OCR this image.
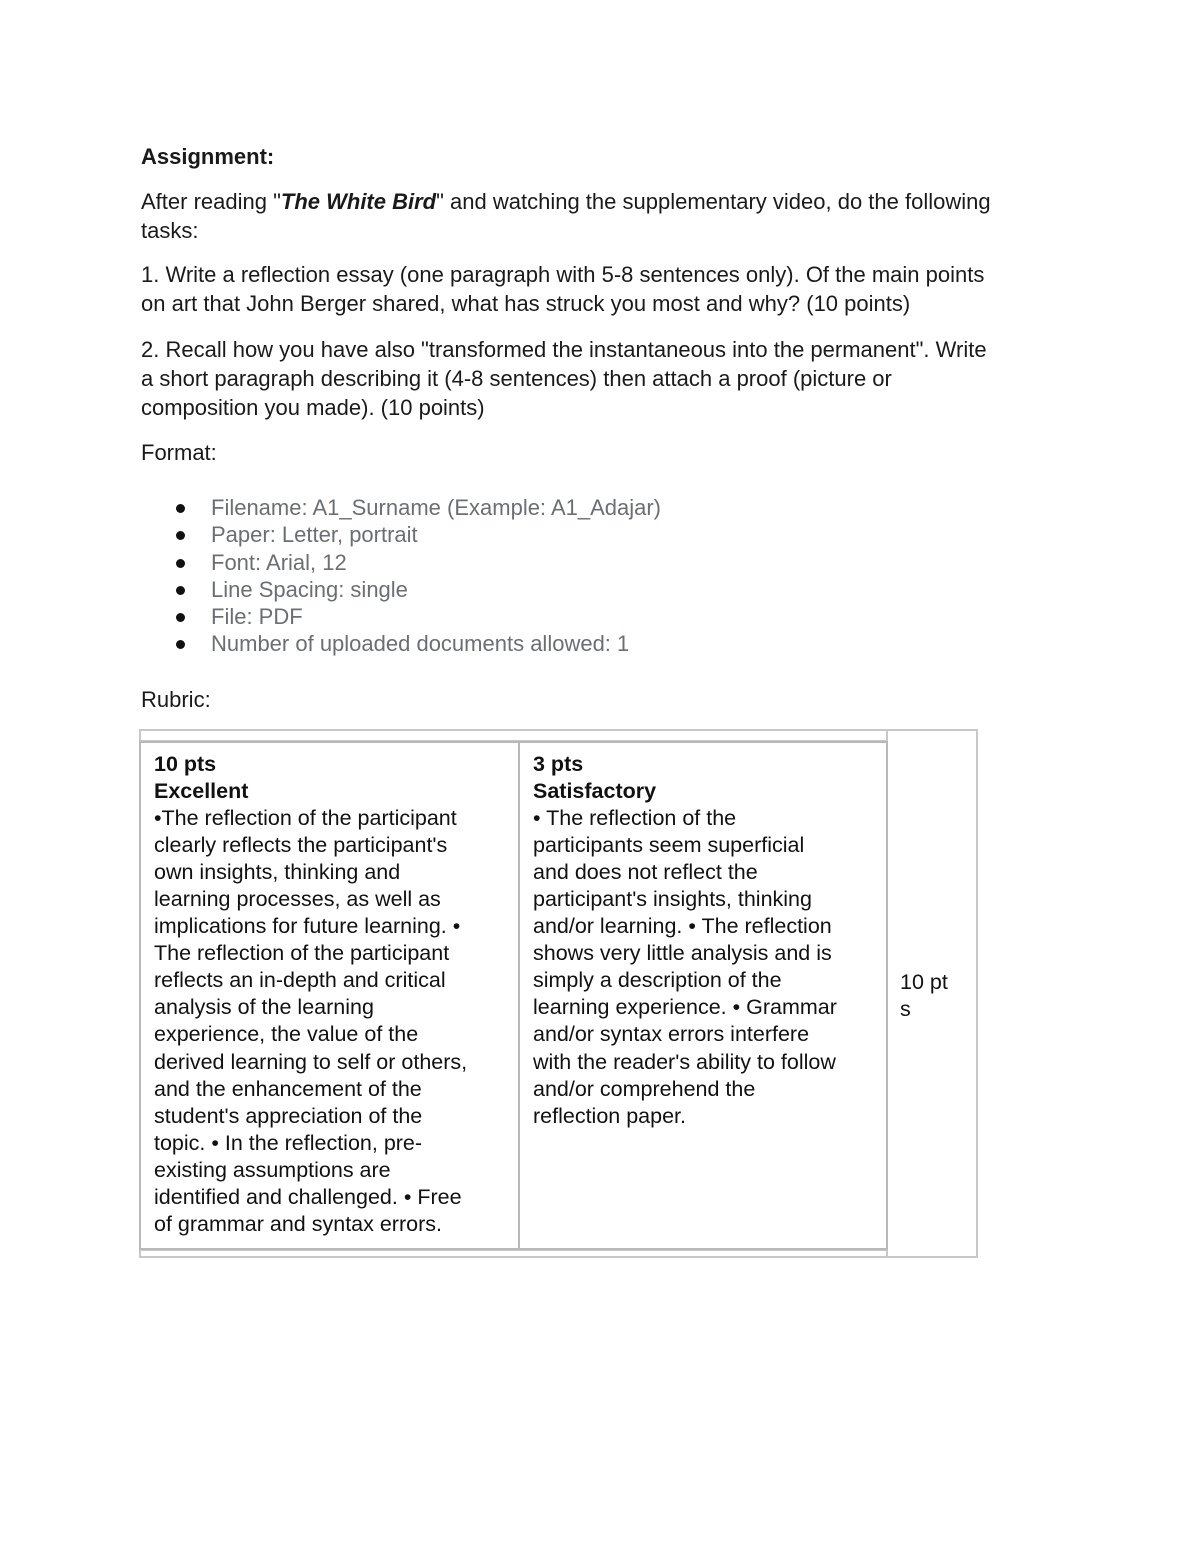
Assignment:
After reading "The White Bird" and watching the supplementary video, do the following
tasks:
1. Write a reflection essay (one paragraph with 5-8 sentences only). Of the main points
on art that John Berger shared, what has struck you most and why? (10 points)
2. Recall how you have also "transformed the instantaneous into the permanent". Write
a short paragraph describing it (4-8 sentences) then attach a proof (picture or
composition you made). (10 points)
Format:
Filename: A1_Surname (Example: A1_Adajar)
Paper: Letter, portrait
Font: Arial, 12
Line Spacing: single
File: PDF
Number of uploaded documents allowed: 1
Rubric:
10 pts
Excellent
•The reflection of the participant
clearly reflects the participant's
own insights, thinking and
learning processes, as well as
implications for future learning. •
The reflection of the participant
reflects an in-depth and critical
analysis of the learning
experience, the value of the
derived learning to self or others,
and the enhancement of the
student's appreciation of the
topic. • In the reflection, pre-
existing assumptions are
identified and challenged. • Free
of grammar and syntax errors.
3 pts
Satisfactory
• The reflection of the
participants seem superficial
and does not reflect the
participant's insights, thinking
and/or learning. • The reflection
shows very little analysis and is
simply a description of the
learning experience. • Grammar
and/or syntax errors interfere
with the reader's ability to follow
and/or comprehend the
reflection paper.
10 pt
s
